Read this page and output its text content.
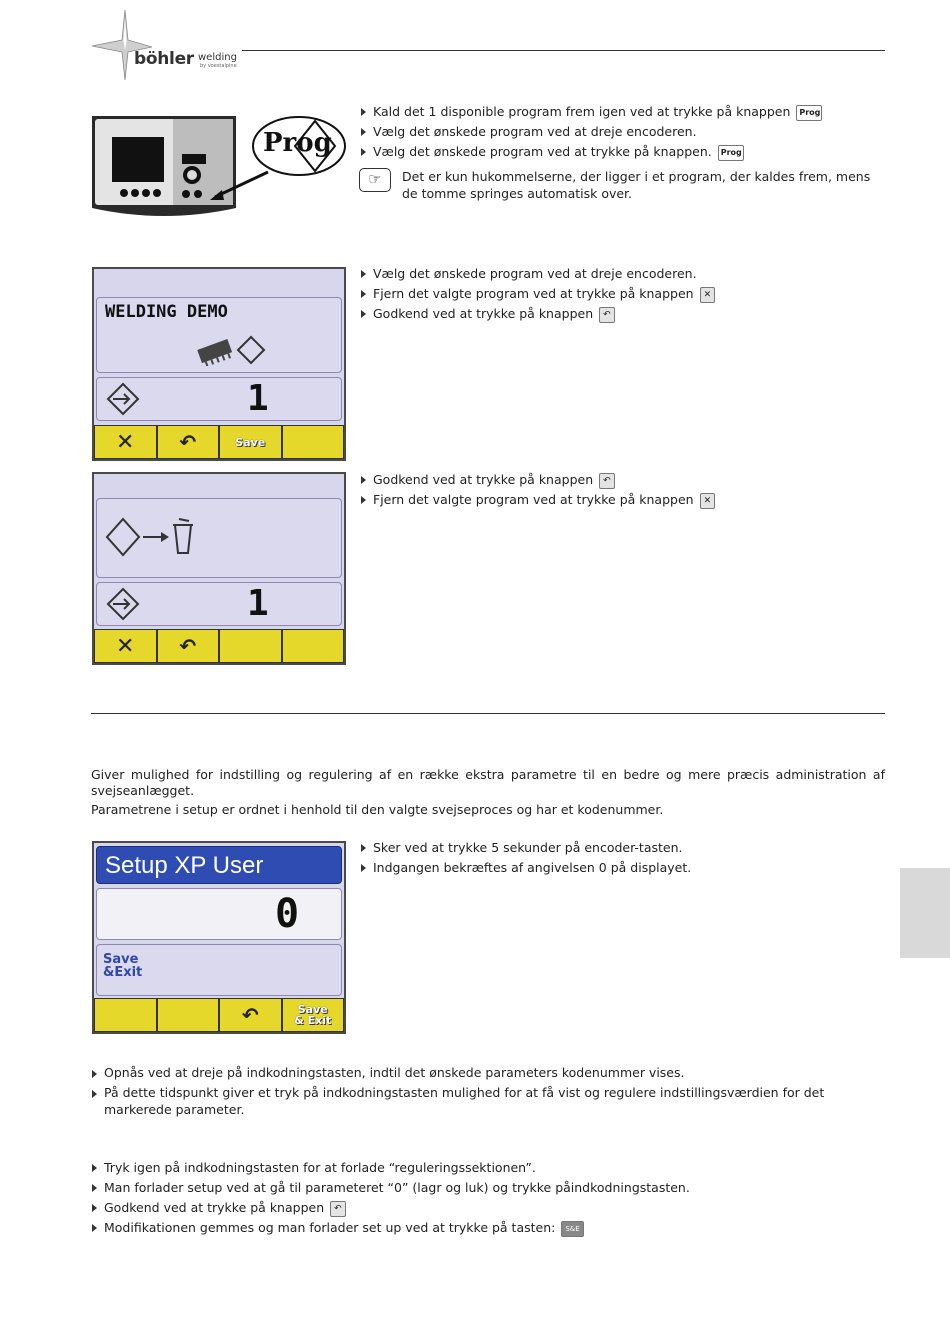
böhler welding
by voestalpine
Prog
Kald det 1 disponible program frem igen ved at trykke på knappen Prog
Vælg det ønskede program ved at dreje encoderen.
Vælg det ønskede program ved at trykke på knappen. Prog
☞	Det er kun hukommelserne, der ligger i et program, der kaldes frem, mens de tomme springes automatisk over.
WELDING DEMO
1
✕ ↶	Save
Vælg det ønskede program ved at dreje encoderen.
Fjern det valgte program ved at trykke på knappen ✕
Godkend ved at trykke på knappen ↶
1
✕ ↶
Godkend ved at trykke på knappen ↶
Fjern det valgte program ved at trykke på knappen ✕
Giver mulighed for indstilling og regulering af en række ekstra parametre til en bedre og mere præcis administration af svejseanlægget.
Parametrene i setup er ordnet i henhold til den valgte svejseproces og har et kodenummer.
Setup XP User
0
Save
&Exit
↶	Save
& Exit
Sker ved at trykke 5 sekunder på encoder-tasten.
Indgangen bekræftes af angivelsen 0 på displayet.
Opnås ved at dreje på indkodningstasten, indtil det ønskede parameters kodenummer vises.
På dette tidspunkt giver et tryk på indkodningstasten mulighed for at få vist og regulere indstillingsværdien for det markerede parameter.
Tryk igen på indkodningstasten for at forlade “reguleringssektionen”.
Man forlader setup ved at gå til parameteret “0” (lagr og luk) og trykke påindkodningstasten.
Godkend ved at trykke på knappen ↶
Modifikationen gemmes og man forlader set up ved at trykke på tasten: S&E
